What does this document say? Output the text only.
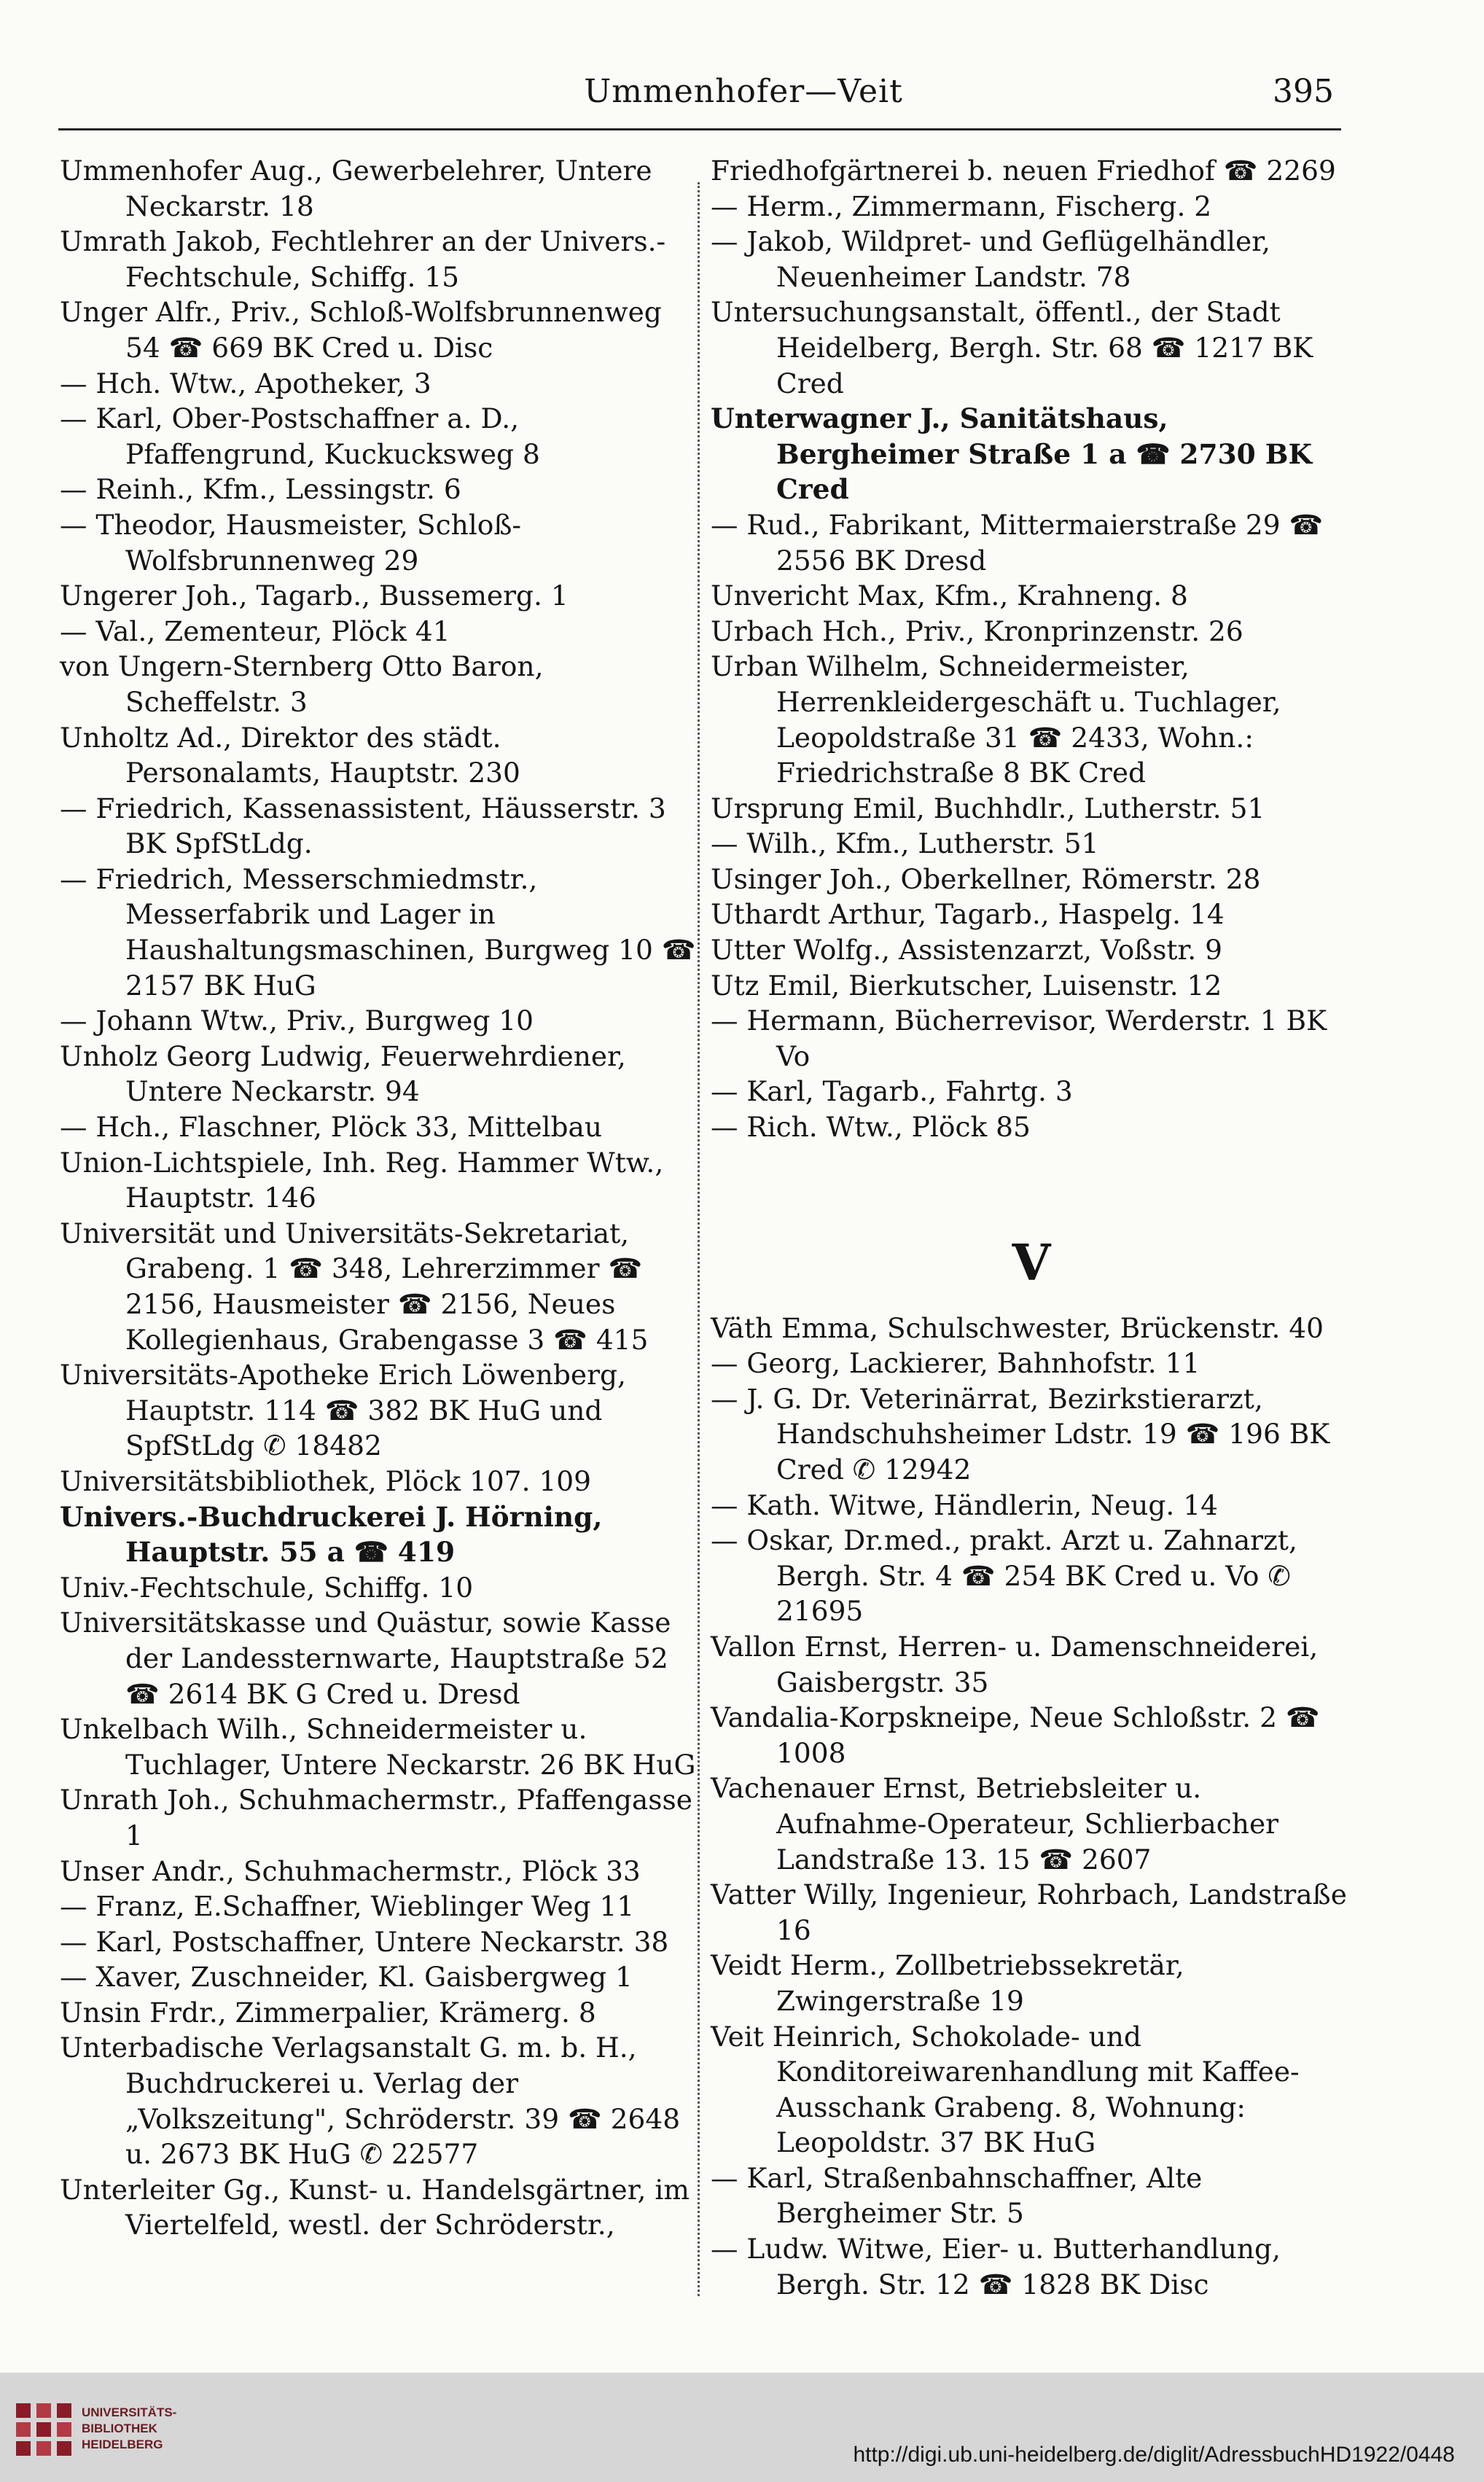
Ummenhofer—Veit	395
Ummenhofer Aug., Gewerbelehrer, Untere Neckarstr. 18
Umrath Jakob, Fechtlehrer an der Univers.-Fechtschule, Schiffg. 15
Unger Alfr., Priv., Schloß-Wolfsbrunnenweg 54 ☎ 669 BK Cred u. Disc
— Hch. Wtw., Apotheker, 3
— Karl, Ober-Postschaffner a. D., Pfaffengrund, Kuckucksweg 8
— Reinh., Kfm., Lessingstr. 6
— Theodor, Hausmeister, Schloß-Wolfsbrunnenweg 29
Ungerer Joh., Tagarb., Bussemerg. 1
— Val., Zementeur, Plöck 41
von Ungern-Sternberg Otto Baron, Scheffelstr. 3
Unholtz Ad., Direktor des städt. Personalamts, Hauptstr. 230
— Friedrich, Kassenassistent, Häusserstr. 3 BK SpfStLdg.
— Friedrich, Messerschmiedmstr., Messerfabrik und Lager in Haushaltungsmaschinen, Burgweg 10 ☎ 2157 BK HuG
— Johann Wtw., Priv., Burgweg 10
Unholz Georg Ludwig, Feuerwehrdiener, Untere Neckarstr. 94
— Hch., Flaschner, Plöck 33, Mittelbau
Union-Lichtspiele, Inh. Reg. Hammer Wtw., Hauptstr. 146
Universität und Universitäts-Sekretariat, Grabeng. 1 ☎ 348, Lehrerzimmer ☎ 2156, Hausmeister ☎ 2156, Neues Kollegienhaus, Grabengasse 3 ☎ 415
Universitäts-Apotheke Erich Löwenberg, Hauptstr. 114 ☎ 382 BK HuG und SpfStLdg ✆ 18482
Universitätsbibliothek, Plöck 107. 109
Univers.-Buchdruckerei J. Hörning, Hauptstr. 55 a ☎ 419
Univ.-Fechtschule, Schiffg. 10
Universitätskasse und Quästur, sowie Kasse der Landessternwarte, Hauptstraße 52 ☎ 2614 BK G Cred u. Dresd
Unkelbach Wilh., Schneidermeister u. Tuchlager, Untere Neckarstr. 26 BK HuG
Unrath Joh., Schuhmachermstr., Pfaffengasse 1
Unser Andr., Schuhmachermstr., Plöck 33
— Franz, E.Schaffner, Wieblinger Weg 11
— Karl, Postschaffner, Untere Neckarstr. 38
— Xaver, Zuschneider, Kl. Gaisbergweg 1
Unsin Frdr., Zimmerpalier, Krämerg. 8
Unterbadische Verlagsanstalt G. m. b. H., Buchdruckerei u. Verlag der „Volkszeitung", Schröderstr. 39 ☎ 2648 u. 2673 BK HuG ✆ 22577
Unterleiter Gg., Kunst- u. Handelsgärtner, im Viertelfeld, westl. der Schröderstr.,
Friedhofgärtnerei b. neuen Friedhof ☎ 2269
— Herm., Zimmermann, Fischerg. 2
— Jakob, Wildpret- und Geflügelhändler, Neuenheimer Landstr. 78
Untersuchungsanstalt, öffentl., der Stadt Heidelberg, Bergh. Str. 68 ☎ 1217 BK Cred
Unterwagner J., Sanitätshaus, Bergheimer Straße 1 a ☎ 2730 BK Cred
— Rud., Fabrikant, Mittermaierstraße 29 ☎ 2556 BK Dresd
Unvericht Max, Kfm., Krahneng. 8
Urbach Hch., Priv., Kronprinzenstr. 26
Urban Wilhelm, Schneidermeister, Herrenkleidergeschäft u. Tuchlager, Leopoldstraße 31 ☎ 2433, Wohn.: Friedrichstraße 8 BK Cred
Ursprung Emil, Buchhdlr., Lutherstr. 51
— Wilh., Kfm., Lutherstr. 51
Usinger Joh., Oberkellner, Römerstr. 28
Uthardt Arthur, Tagarb., Haspelg. 14
Utter Wolfg., Assistenzarzt, Voßstr. 9
Utz Emil, Bierkutscher, Luisenstr. 12
— Hermann, Bücherrevisor, Werderstr. 1 BK Vo
— Karl, Tagarb., Fahrtg. 3
— Rich. Wtw., Plöck 85
V
Väth Emma, Schulschwester, Brückenstr. 40
— Georg, Lackierer, Bahnhofstr. 11
— J. G. Dr. Veterinärrat, Bezirkstierarzt, Handschuhsheimer Ldstr. 19 ☎ 196 BK Cred ✆ 12942
— Kath. Witwe, Händlerin, Neug. 14
— Oskar, Dr.med., prakt. Arzt u. Zahnarzt, Bergh. Str. 4 ☎ 254 BK Cred u. Vo ✆ 21695
Vallon Ernst, Herren- u. Damenschneiderei, Gaisbergstr. 35
Vandalia-Korpskneipe, Neue Schloßstr. 2 ☎ 1008
Vachenauer Ernst, Betriebsleiter u. Aufnahme-Operateur, Schlierbacher Landstraße 13. 15 ☎ 2607
Vatter Willy, Ingenieur, Rohrbach, Landstraße 16
Veidt Herm., Zollbetriebssekretär, Zwingerstraße 19
Veit Heinrich, Schokolade- und Konditoreiwarenhandlung mit Kaffee-Ausschank Grabeng. 8, Wohnung: Leopoldstr. 37 BK HuG
— Karl, Straßenbahnschaffner, Alte Bergheimer Str. 5
— Ludw. Witwe, Eier- u. Butterhandlung, Bergh. Str. 12 ☎ 1828 BK Disc
UNIVERSITÄTS-
BIBLIOTHEK
HEIDELBERG	http://digi.ub.uni-heidelberg.de/diglit/AdressbuchHD1922/0448
